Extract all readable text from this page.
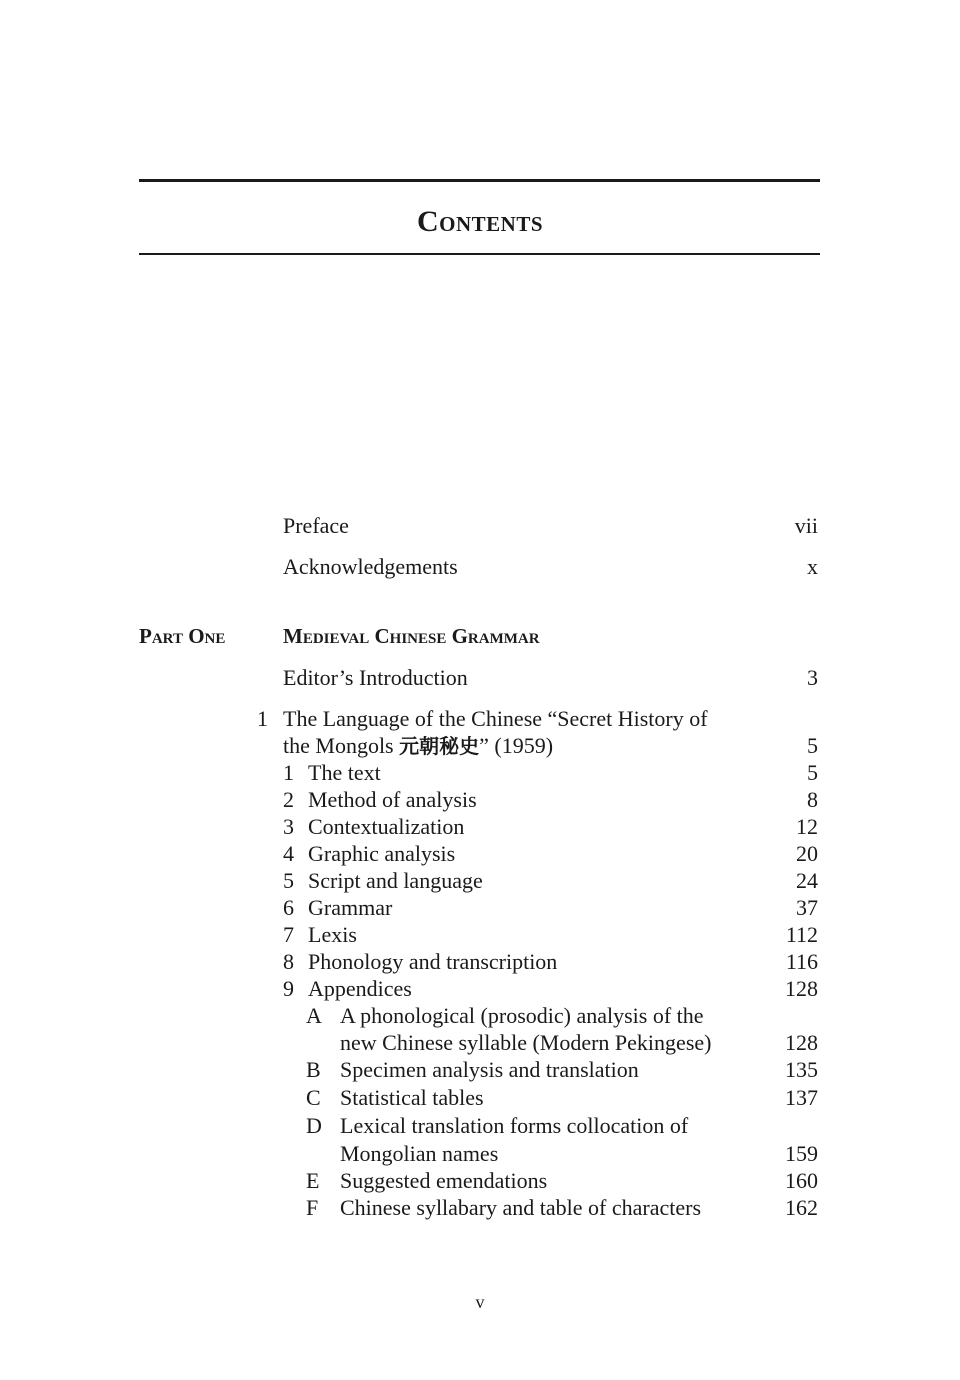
Contents
Preface	vii
Acknowledgements	x
Part One	Medieval Chinese Grammar
Editor’s Introduction	3
1 The Language of the Chinese “Secret History of
the Mongols 元朝秘史” (1959)	5
1 The text	5
2 Method of analysis	8
3 Contextualization	12
4 Graphic analysis	20
5 Script and language	24
6 Grammar	37
7 Lexis	112
8 Phonology and transcription	116
9 Appendices	128
A A phonological (prosodic) analysis of the
new Chinese syllable (Modern Pekingese)	128
B Specimen analysis and translation	135
C Statistical tables	137
D Lexical translation forms collocation of
Mongolian names	159
E Suggested emendations	160
F Chinese syllabary and table of characters	162
v
